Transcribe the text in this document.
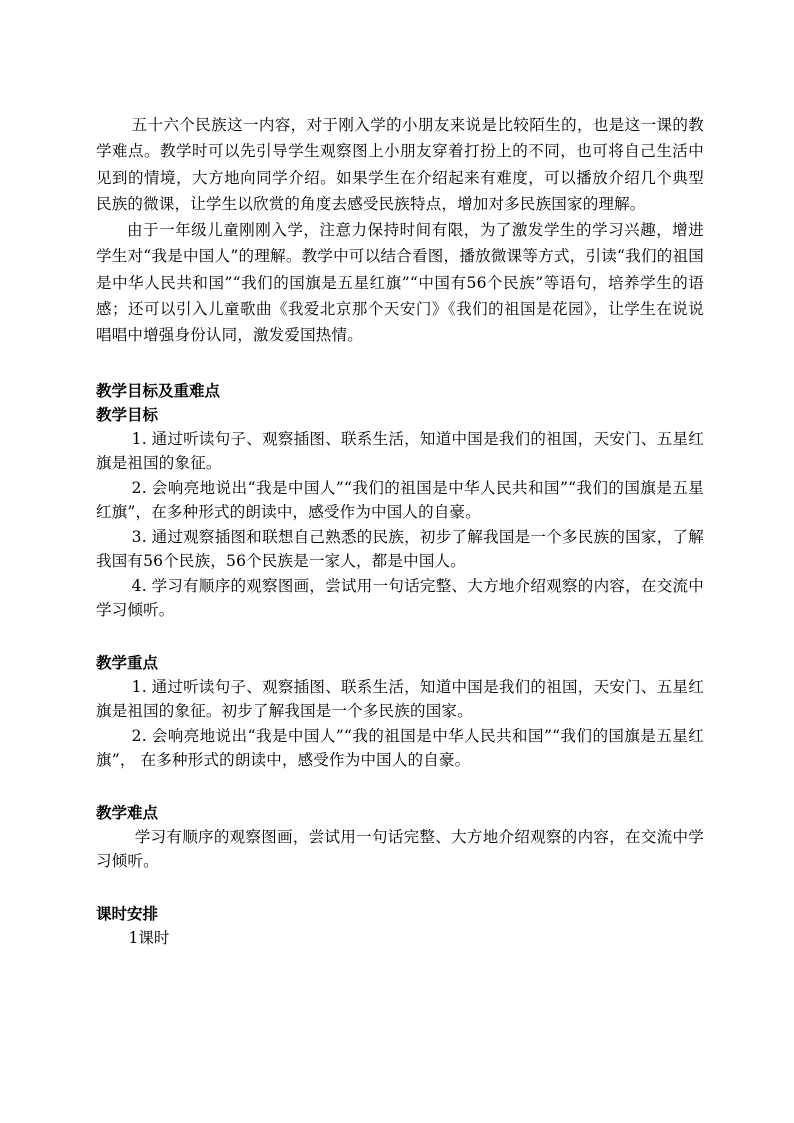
五十六个民族这一内容，对于刚入学的小朋友来说是比较陌生的，也是这一课的教学难点。教学时可以先引导学生观察图上小朋友穿着打扮上的不同，也可将自己生活中见到的情境，大方地向同学介绍。如果学生在介绍起来有难度，可以播放介绍几个典型民族的微课，让学生以欣赏的角度去感受民族特点，增加对多民族国家的理解。

由于一年级儿童刚刚入学，注意力保持时间有限，为了激发学生的学习兴趣，增进学生对“我是中国人”的理解。教学中可以结合看图，播放微课等方式，引读“我们的祖国是中华人民共和国”“我们的国旗是五星红旗”“中国有56个民族”等语句，培养学生的语感；还可以引入儿童歌曲《我爱北京那个天安门》《我们的祖国是花园》，让学生在说说唱唱中增强身份认同，激发爱国热情。

教学目标及重难点

教学目标

1. 通过听读句子、观察插图、联系生活，知道中国是我们的祖国，天安门、五星红旗是祖国的象征。

2. 会响亮地说出“我是中国人”“我们的祖国是中华人民共和国”“我们的国旗是五星红旗”，在多种形式的朗读中，感受作为中国人的自豪。

3. 通过观察插图和联想自己熟悉的民族，初步了解我国是一个多民族的国家，了解我国有56个民族，56个民族是一家人，都是中国人。

4. 学习有顺序的观察图画，尝试用一句话完整、大方地介绍观察的内容，在交流中学习倾听。

教学重点

1. 通过听读句子、观察插图、联系生活，知道中国是我们的祖国，天安门、五星红旗是祖国的象征。初步了解我国是一个多民族的国家。

2. 会响亮地说出“我是中国人”“我的祖国是中华人民共和国”“我们的国旗是五星红旗”， 在多种形式的朗读中，感受作为中国人的自豪。

教学难点

学习有顺序的观察图画，尝试用一句话完整、大方地介绍观察的内容，在交流中学习倾听。

课时安排

1课时
